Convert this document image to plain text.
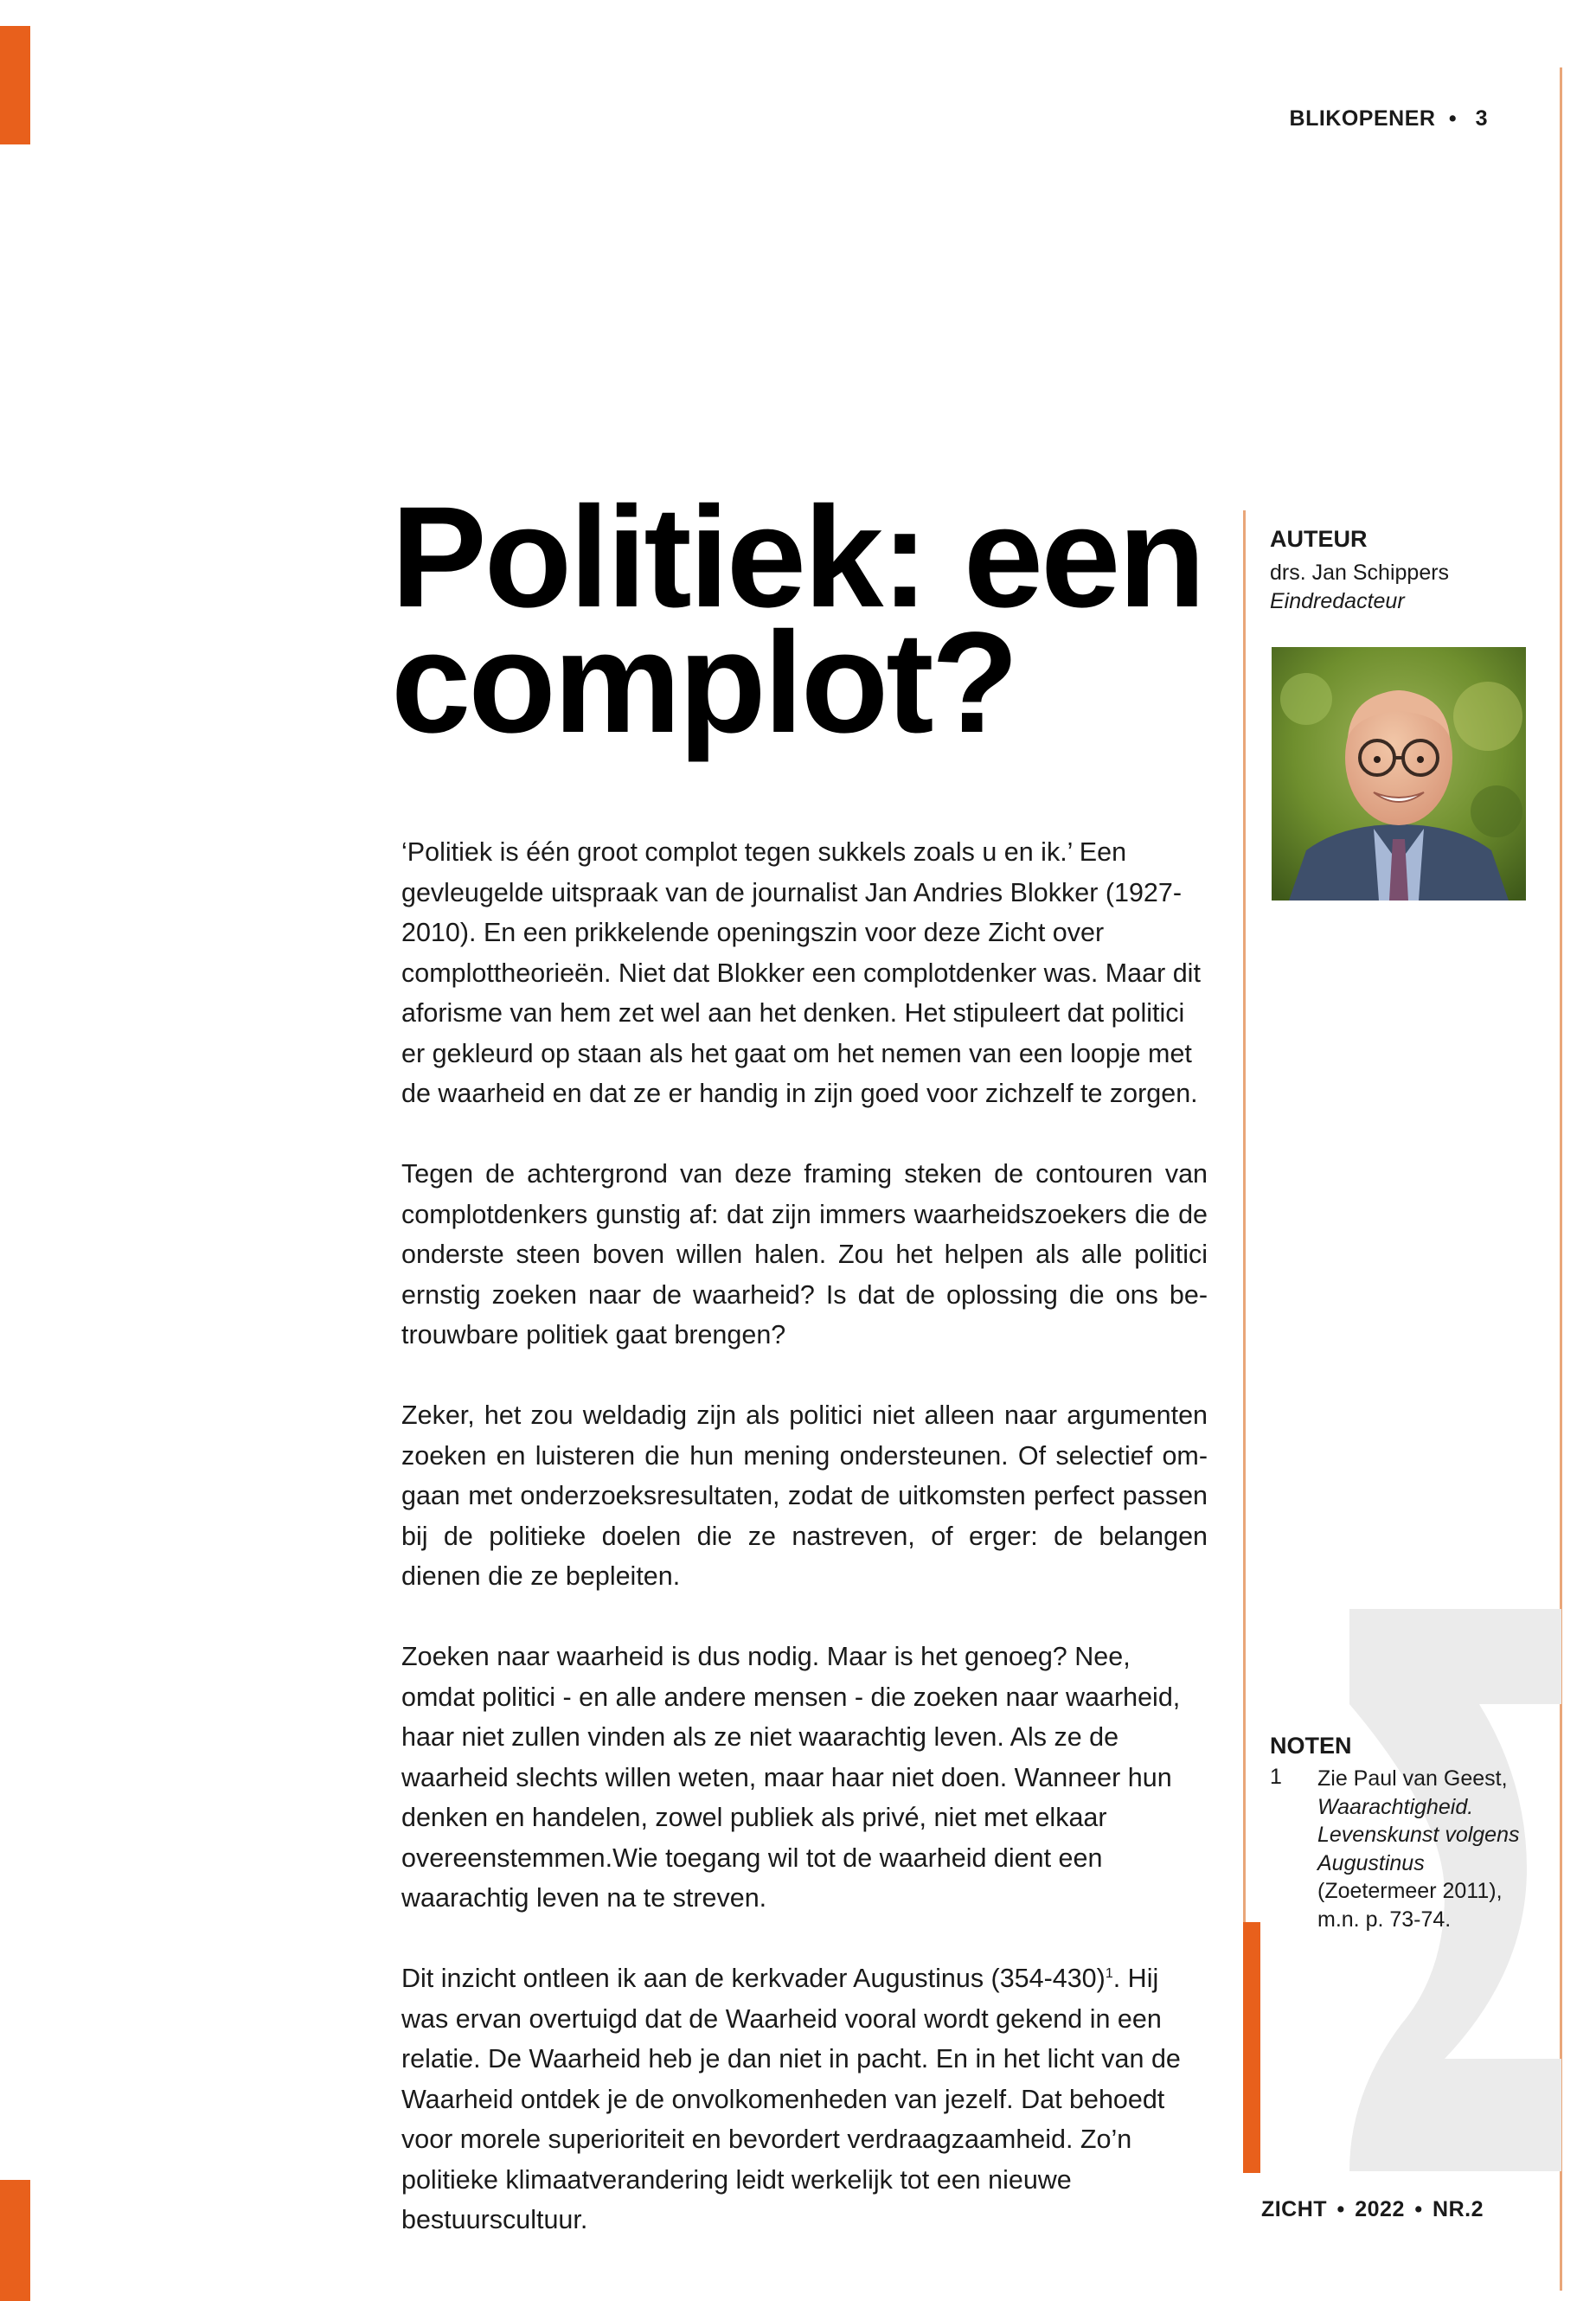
BLIKOPENER • 3
Politiek: een
complot?

‘Politiek is één groot complot tegen sukkels zoals u en ik.’ Een gevleugelde uitspraak van de journalist Jan Andries Blokker (1927-2010). En een prikkelende openingszin voor deze Zicht over complottheorieën. Niet dat Blokker een complotdenker was. Maar dit aforisme van hem zet wel aan het denken. Het stipuleert dat politici er gekleurd op staan als het gaat om het nemen van een loopje met de waarheid en dat ze er handig in zijn goed voor zichzelf te zorgen.

Tegen de achtergrond van deze framing steken de contouren van complotdenkers gunstig af: dat zijn immers waarheidszoekers die de onderste steen boven willen halen. Zou het helpen als alle politici ernstig zoeken naar de waarheid? Is dat de oplossing die ons betrouwbare politiek gaat brengen?

Zeker, het zou weldadig zijn als politici niet alleen naar argumenten zoeken en luisteren die hun mening ondersteunen. Of selectief omgaan met onderzoeksresultaten, zodat de uitkomsten perfect passen bij de politieke doelen die ze nastreven, of erger: de belangen dienen die ze bepleiten.

Zoeken naar waarheid is dus nodig. Maar is het genoeg? Nee, omdat politici - en alle andere mensen - die zoeken naar waarheid, haar niet zullen vinden als ze niet waarachtig leven. Als ze de waarheid slechts willen weten, maar haar niet doen. Wanneer hun denken en handelen, zowel publiek als privé, niet met elkaar overeenstemmen.Wie toegang wil tot de waarheid dient een waarachtig leven na te streven.

Dit inzicht ontleen ik aan de kerkvader Augustinus $(354-430)^1$. Hij was ervan overtuigd dat de Waarheid vooral wordt gekend in een relatie. De Waarheid heb je dan niet in pacht. En in het licht van de Waarheid ontdek je de onvolkomenheden van jezelf. Dat behoedt voor morele superioriteit en bevordert verdraagzaamheid. Zo’n politieke klimaatverandering leidt werkelijk tot een nieuwe bestuurscultuur.

AUTEUR
drs. Jan Schippers
Eindredacteur
NOTEN
1 Zie Paul van Geest, Waarachtigheid. Levenskunst volgens Augustinus (Zoetermeer 2011), m.n. p. 73-74.
ZICHT • 2022 • NR.2
